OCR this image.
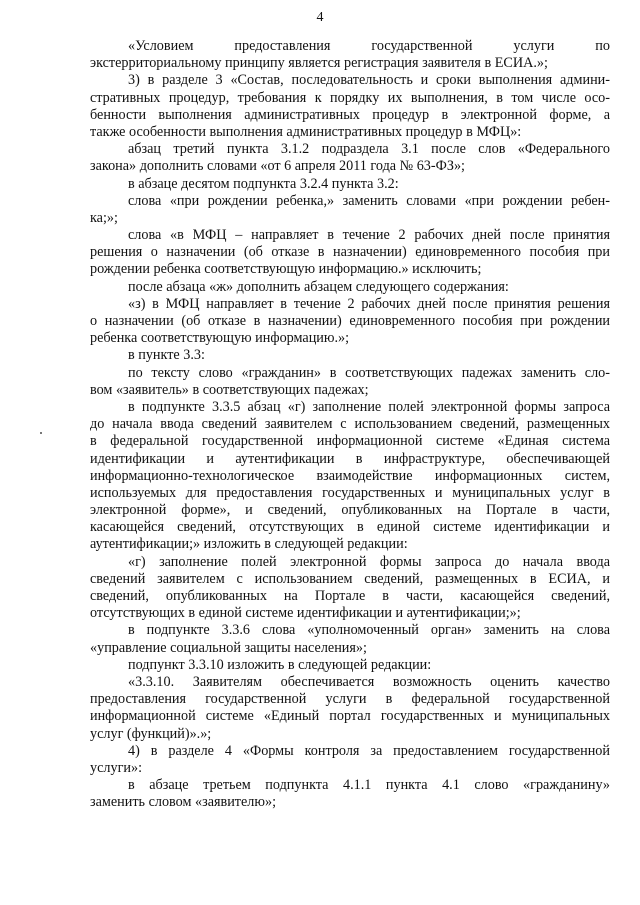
4
«Условием предоставления государственной услуги по
экстерриториальному принципу является регистрация заявителя в ЕСИА.»;
3) в разделе 3 «Состав, последовательность и сроки выполнения админи-
стративных процедур, требования к порядку их выполнения, в том числе осо-
бенности выполнения административных процедур в электронной форме, а
также особенности выполнения административных процедур в МФЦ»:
абзац третий пункта 3.1.2 подраздела 3.1 после слов «Федерального
закона» дополнить словами «от 6 апреля 2011 года № 63-ФЗ»;
в абзаце десятом подпункта 3.2.4 пункта 3.2:
слова «при рождении ребенка,» заменить словами «при рождении ребен-
ка;»;
слова «в МФЦ – направляет в течение 2 рабочих дней после принятия
решения о назначении (об отказе в назначении) единовременного пособия при
рождении ребенка соответствующую информацию.» исключить;
после абзаца «ж» дополнить абзацем следующего содержания:
«з) в МФЦ направляет в течение 2 рабочих дней после принятия решения
о назначении (об отказе в назначении) единовременного пособия при рождении
ребенка соответствующую информацию.»;
в пункте 3.3:
по тексту слово «гражданин» в соответствующих падежах заменить сло-
вом «заявитель» в соответствующих падежах;
в подпункте 3.3.5 абзац «г) заполнение полей электронной формы запроса
до начала ввода сведений заявителем с использованием сведений, размещенных
в федеральной государственной информационной системе «Единая система
идентификации и аутентификации в инфраструктуре, обеспечивающей
информационно-технологическое взаимодействие информационных систем,
используемых для предоставления государственных и муниципальных услуг в
электронной форме», и сведений, опубликованных на Портале в части,
касающейся сведений, отсутствующих в единой системе идентификации и
аутентификации;» изложить в следующей редакции:
«г) заполнение полей электронной формы запроса до начала ввода
сведений заявителем с использованием сведений, размещенных в ЕСИА, и
сведений, опубликованных на Портале в части, касающейся сведений,
отсутствующих в единой системе идентификации и аутентификации;»;
в подпункте 3.3.6 слова «уполномоченный орган» заменить на слова
«управление социальной защиты населения»;
подпункт 3.3.10 изложить в следующей редакции:
«3.3.10. Заявителям обеспечивается возможность оценить качество
предоставления государственной услуги в федеральной государственной
информационной системе «Единый портал государственных и муниципальных
услуг (функций)».»;
4) в разделе 4 «Формы контроля за предоставлением государственной
услуги»:
в абзаце третьем подпункта 4.1.1 пункта 4.1 слово «гражданину»
заменить словом «заявителю»;
